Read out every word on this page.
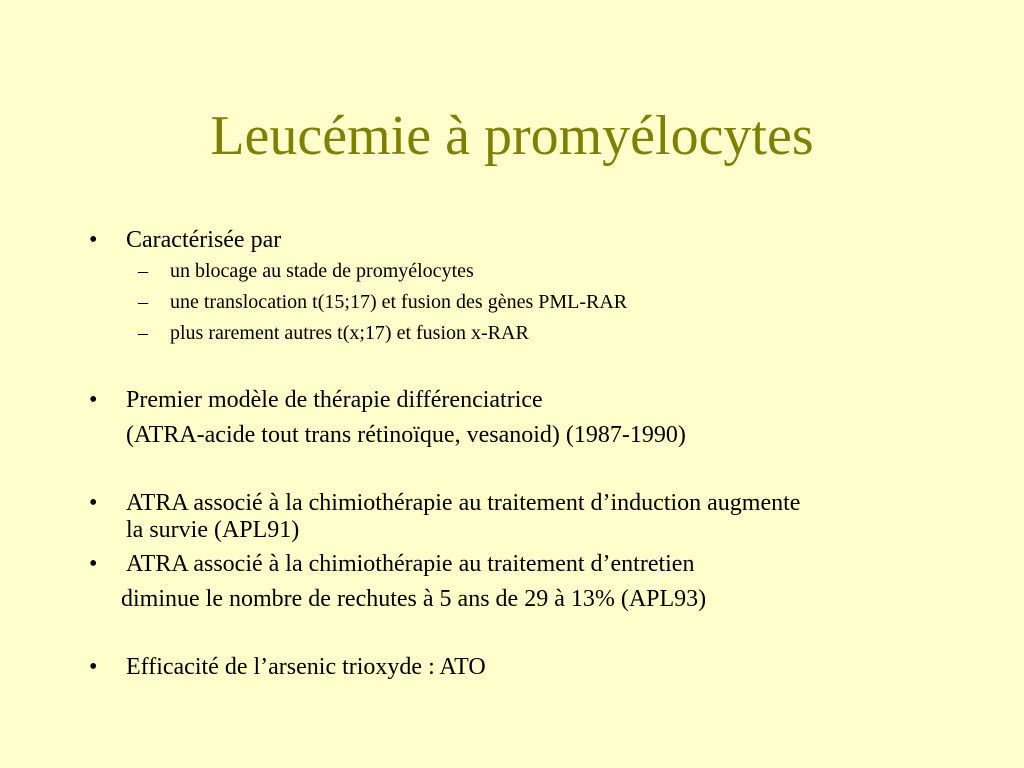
Leucémie à promyélocytes
• Caractérisée par
– un blocage au stade de promyélocytes
– une translocation t(15;17) et fusion des gènes PML-RAR
– plus rarement autres t(x;17) et fusion x-RAR
• Premier modèle de thérapie différenciatrice
(ATRA-acide tout trans rétinoïque, vesanoid) (1987-1990)
• ATRA associé à la chimiothérapie au traitement d’induction augmente
la survie (APL91)
• ATRA associé à la chimiothérapie au traitement d’entretien
diminue le nombre de rechutes à 5 ans de 29 à 13% (APL93)
• Efficacité de l’arsenic trioxyde : ATO
